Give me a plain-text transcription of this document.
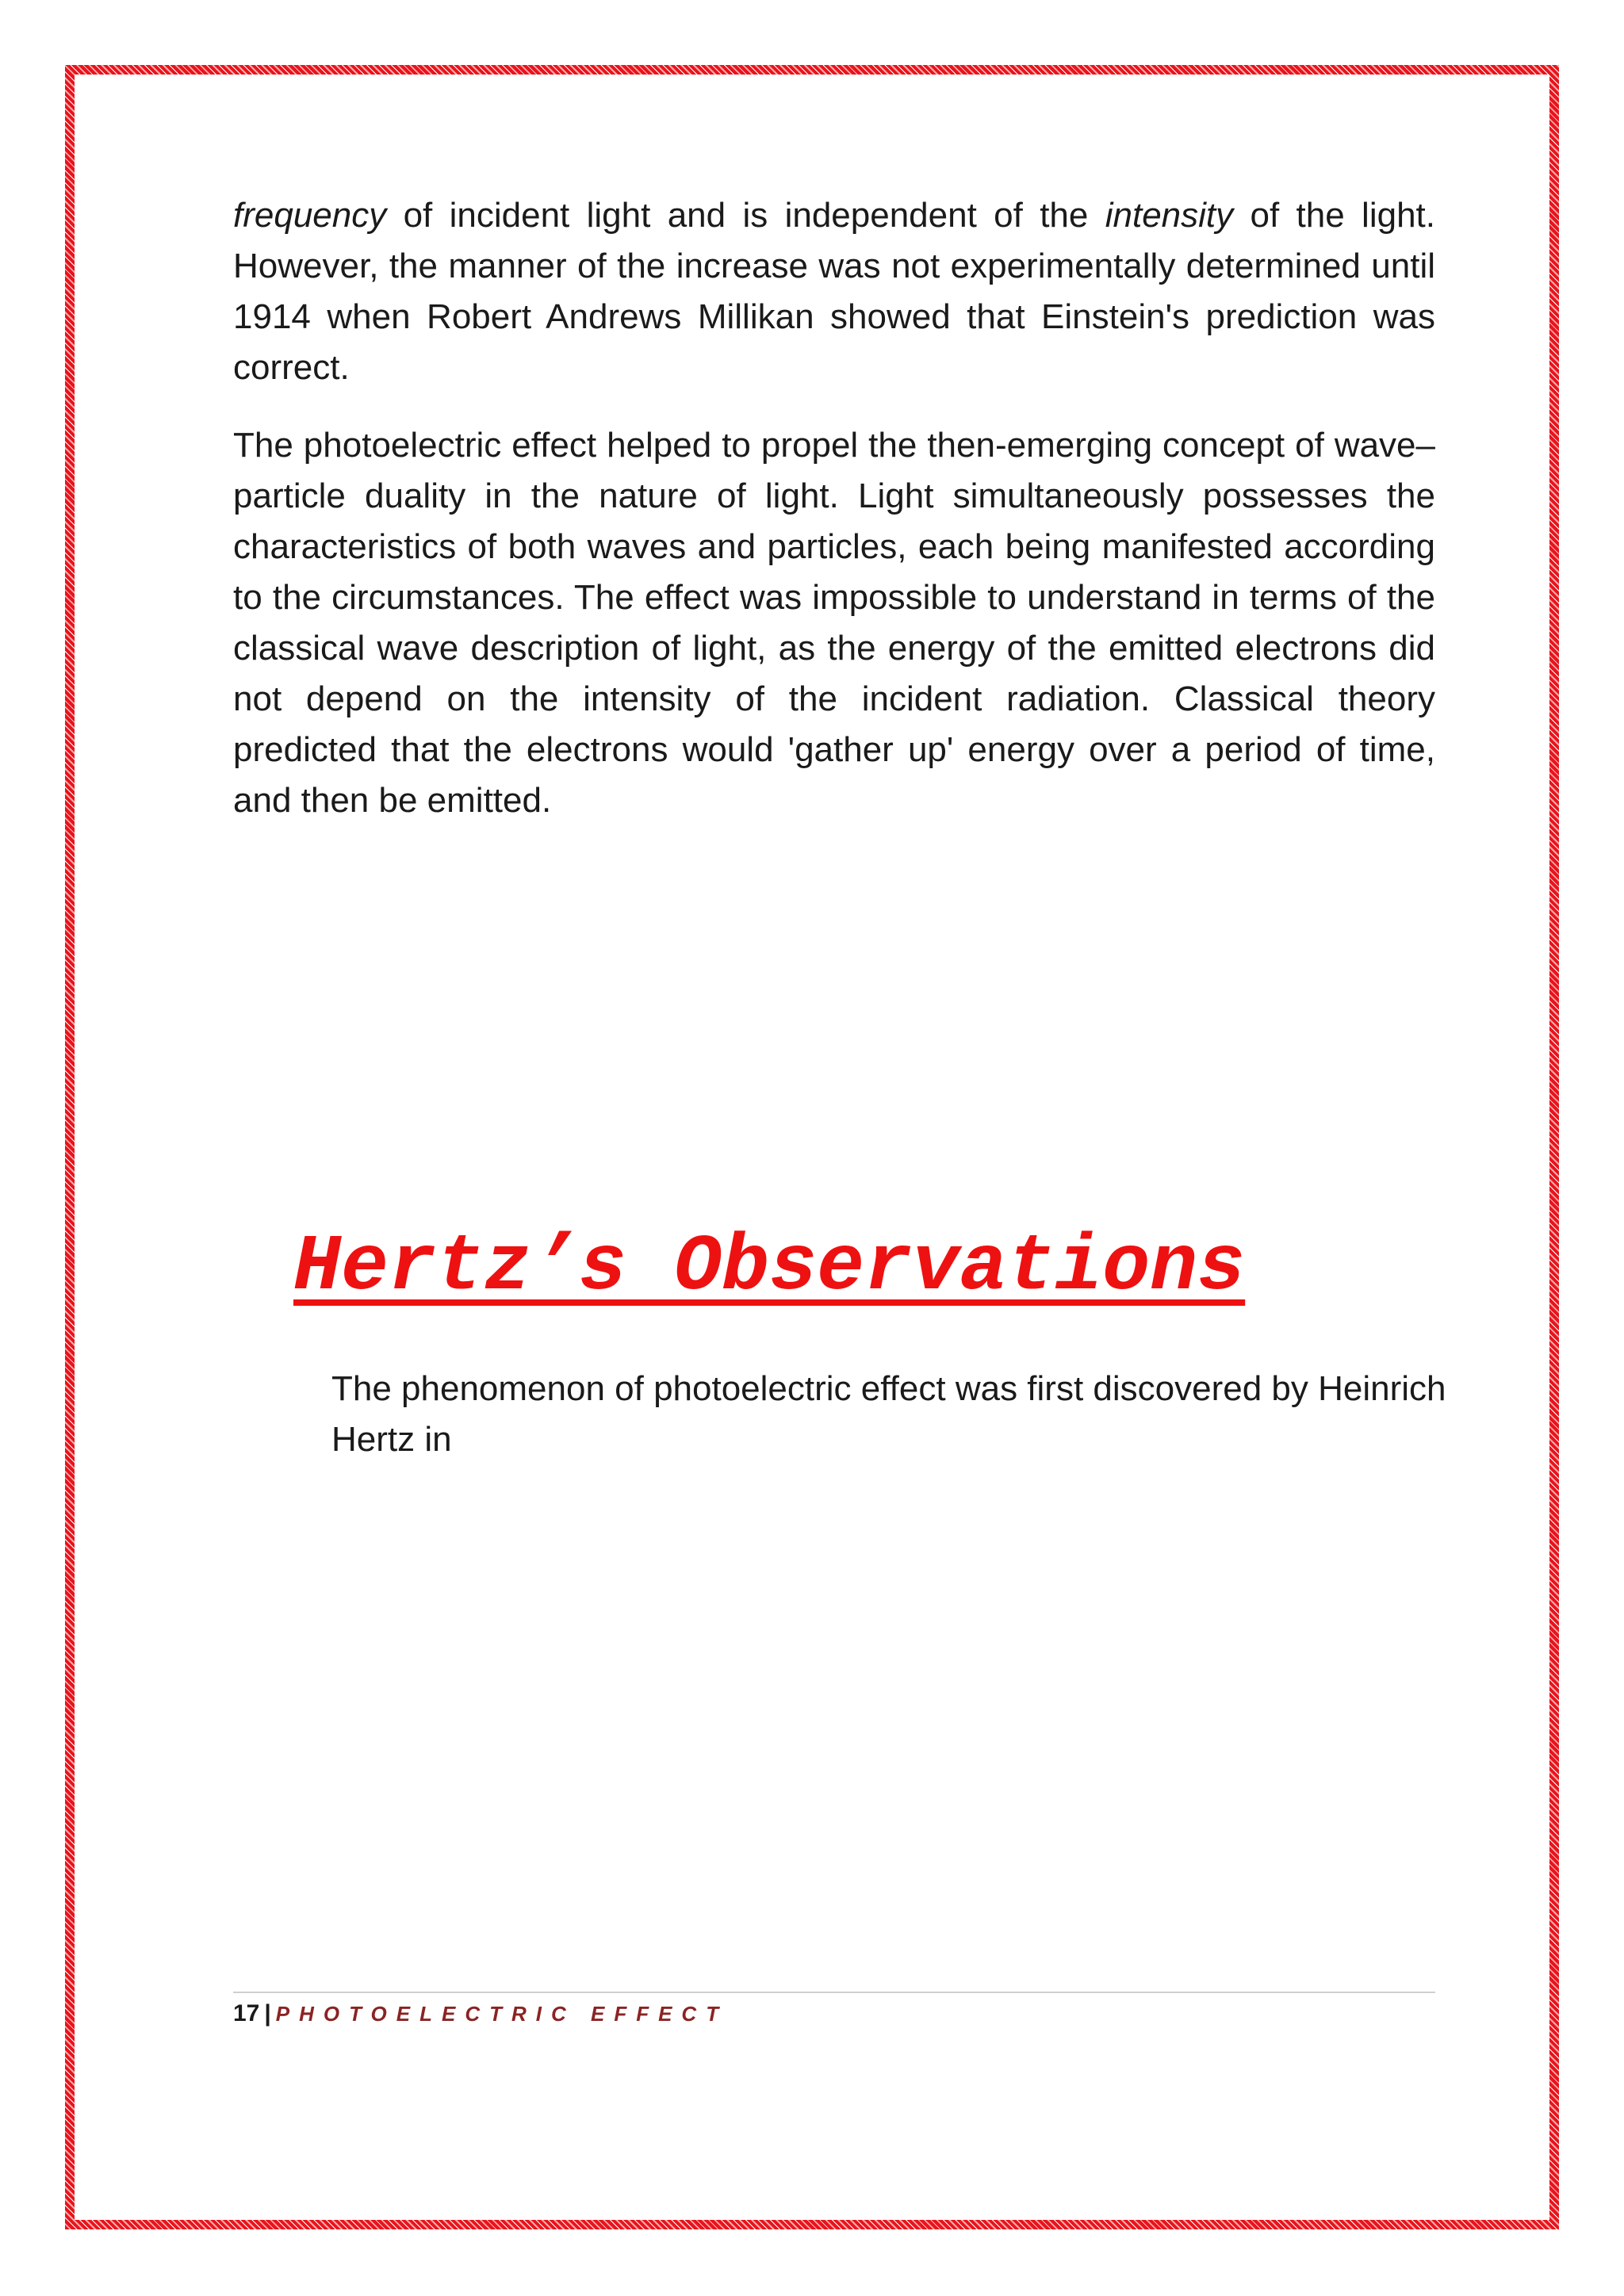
frequency of incident light and is independent of the intensity of the light. However, the manner of the increase was not experimentally determined until 1914 when Robert Andrews Millikan showed that Einstein's prediction was correct.

The photoelectric effect helped to propel the then-emerging concept of wave–particle duality in the nature of light. Light simultaneously possesses the characteristics of both waves and particles, each being manifested according to the circumstances. The effect was impossible to understand in terms of the classical wave description of light, as the energy of the emitted electrons did not depend on the intensity of the incident radiation. Classical theory predicted that the electrons would 'gather up' energy over a period of time, and then be emitted.

Hertz’s Observations

The phenomenon of photoelectric effect was first discovered by Heinrich Hertz in

17 | PHOTOELECTRIC EFFECT
